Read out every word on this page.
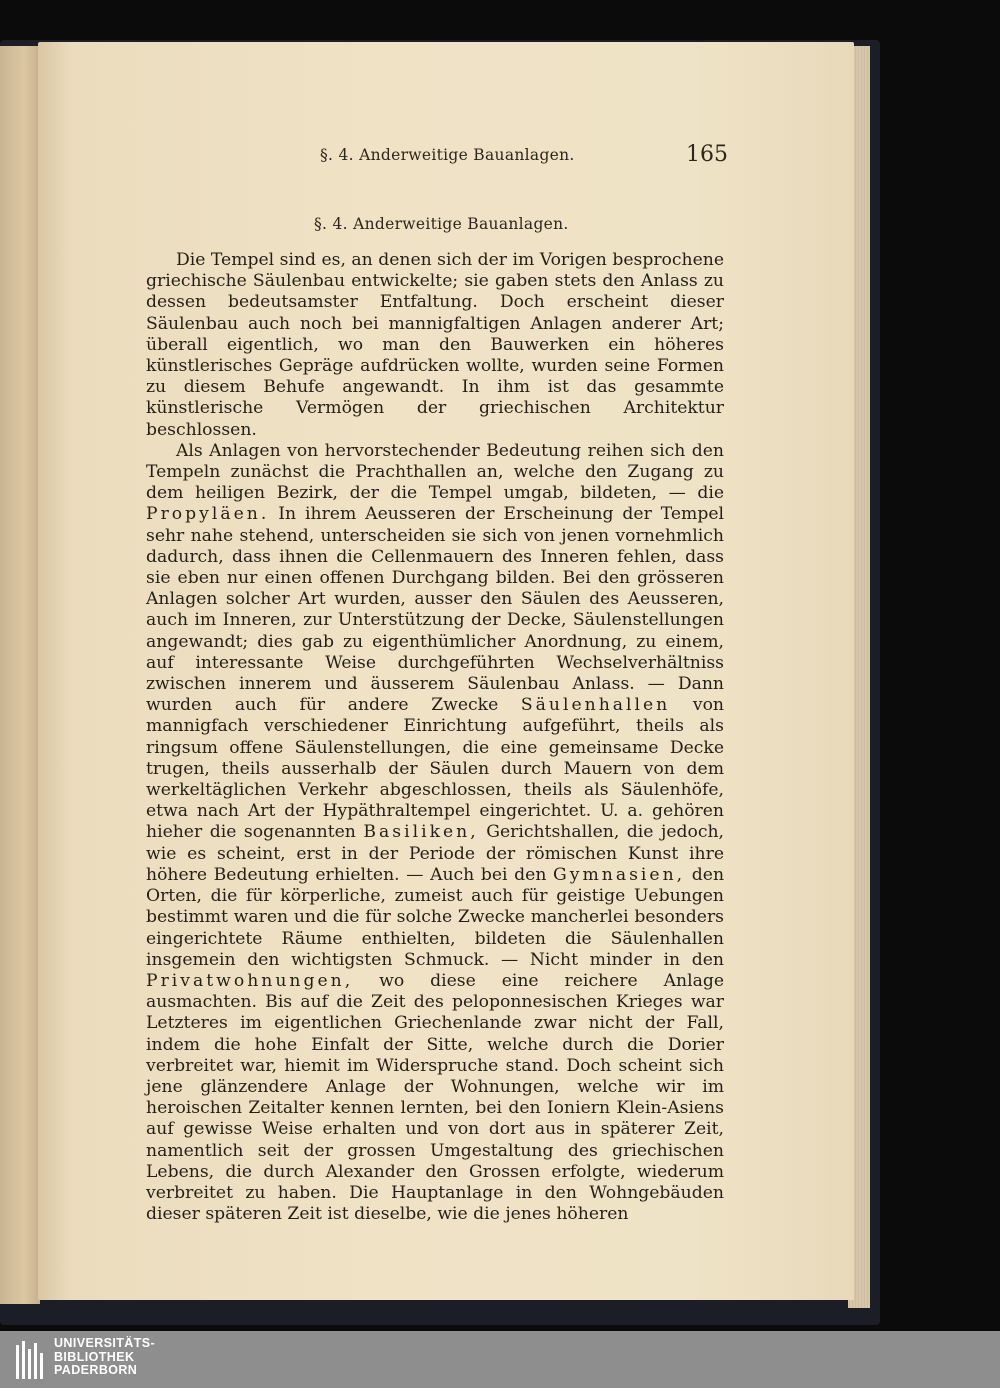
§. 4. Anderweitige Bauanlagen.	165
§. 4. Anderweitige Bauanlagen.

Die Tempel sind es, an denen sich der im Vorigen besprochene griechische Säulenbau entwickelte; sie gaben stets den Anlass zu dessen bedeutsamster Entfaltung. Doch erscheint dieser Säulenbau auch noch bei mannigfaltigen Anlagen anderer Art; überall eigentlich, wo man den Bauwerken ein höheres künstlerisches Gepräge aufdrücken wollte, wurden seine Formen zu diesem Behufe angewandt. In ihm ist das gesammte künstlerische Vermögen der griechischen Architektur beschlossen.

Als Anlagen von hervorstechender Bedeutung reihen sich den Tempeln zunächst die Prachthallen an, welche den Zugang zu dem heiligen Bezirk, der die Tempel umgab, bildeten, — die Propyläen. In ihrem Aeusseren der Erscheinung der Tempel sehr nahe stehend, unterscheiden sie sich von jenen vornehmlich dadurch, dass ihnen die Cellenmauern des Inneren fehlen, dass sie eben nur einen offenen Durchgang bilden. Bei den grösseren Anlagen solcher Art wurden, ausser den Säulen des Aeusseren, auch im Inneren, zur Unterstützung der Decke, Säulenstellungen angewandt; dies gab zu eigenthümlicher Anordnung, zu einem, auf interessante Weise durchgeführten Wechselverhältniss zwischen innerem und äusserem Säulenbau Anlass. — Dann wurden auch für andere Zwecke Säulenhallen von mannigfach verschiedener Einrichtung aufgeführt, theils als ringsum offene Säulenstellungen, die eine gemeinsame Decke trugen, theils ausserhalb der Säulen durch Mauern von dem werkeltäglichen Verkehr abgeschlossen, theils als Säulenhöfe, etwa nach Art der Hypäthraltempel eingerichtet. U. a. gehören hieher die sogenannten Basiliken, Gerichtshallen, die jedoch, wie es scheint, erst in der Periode der römischen Kunst ihre höhere Bedeutung erhielten. — Auch bei den Gymnasien, den Orten, die für körperliche, zumeist auch für geistige Uebungen bestimmt waren und die für solche Zwecke mancherlei besonders eingerichtete Räume enthielten, bildeten die Säulenhallen insgemein den wichtigsten Schmuck. — Nicht minder in den Privatwohnungen, wo diese eine reichere Anlage ausmachten. Bis auf die Zeit des peloponnesischen Krieges war Letzteres im eigentlichen Griechenlande zwar nicht der Fall, indem die hohe Einfalt der Sitte, welche durch die Dorier verbreitet war, hiemit im Widerspruche stand. Doch scheint sich jene glänzendere Anlage der Wohnungen, welche wir im heroischen Zeitalter kennen lernten, bei den Ioniern Klein-Asiens auf gewisse Weise erhalten und von dort aus in späterer Zeit, namentlich seit der grossen Umgestaltung des griechischen Lebens, die durch Alexander den Grossen erfolgte, wiederum verbreitet zu haben. Die Hauptanlage in den Wohngebäuden dieser späteren Zeit ist dieselbe, wie die jenes höheren

UNIVERSITÄTS-
BIBLIOTHEK
PADERBORN
